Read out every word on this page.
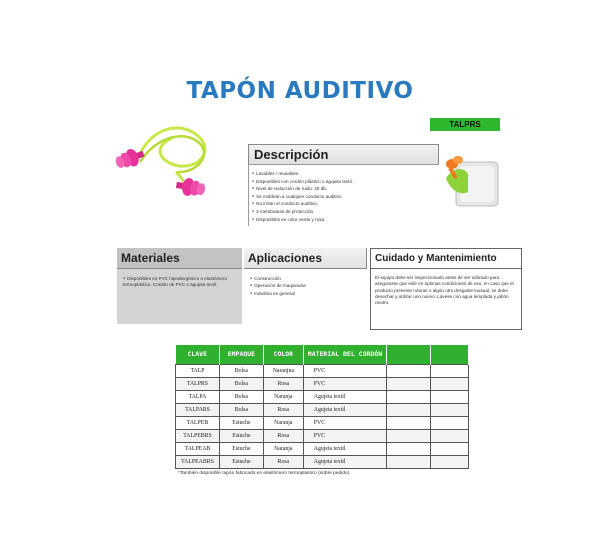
TAPÓN AUDITIVO
TALPRS
Descripción
● Lavables / reusables.
● Disponibles con cordón plástico o agujeta textil.
● Nivel de reducción de ruido: 25 db.
● Se moldean a cualquier conducto auditivo.
● No irritan el conducto auditivo.
● 3 membranas de protección.
● Disponibles en color verde y rosa.
Materiales
● Disponibles en PVC hipoalergénico o elastómero termoplástico. Cordón de PVC o agujeta textil.
Aplicaciones
● Construcción
● Operación de maquinaria
● Industria en general
Cuidado y Mantenimiento

El equipo debe ser inspeccionado antes de ser utilizado para asegurarse que esté en óptimas condiciones de uso, en caso que el producto presente roturas o algún otro desgaste inusual, se debe desechar y utilizar uno nuevo. Lávese con agua templada y jabón neutro.

CLAVE	EMPAQUE	COLOR	MATERIAL DEL CORDÓN		
TALP	Bolsa	Naranjna	PVC		
TALPRS	Bolsa	Rosa	PVC		
TALPA	Bolsa	Naranja	Agujeta textil		
TALPARS	Bolsa	Rosa	Agujeta textil		
TALPEB	Estuche	Naranja	PVC		
TALPEBRS	Estuche	Rosa	PVC		
TALPEAB	Estuche	Naranja	Agujeta textil		
TALPEABRS	Estuche	Rosa	Agujeta textil		

*También disponible tapón fabricado en elastómero termoplástico (sobre pedido).
